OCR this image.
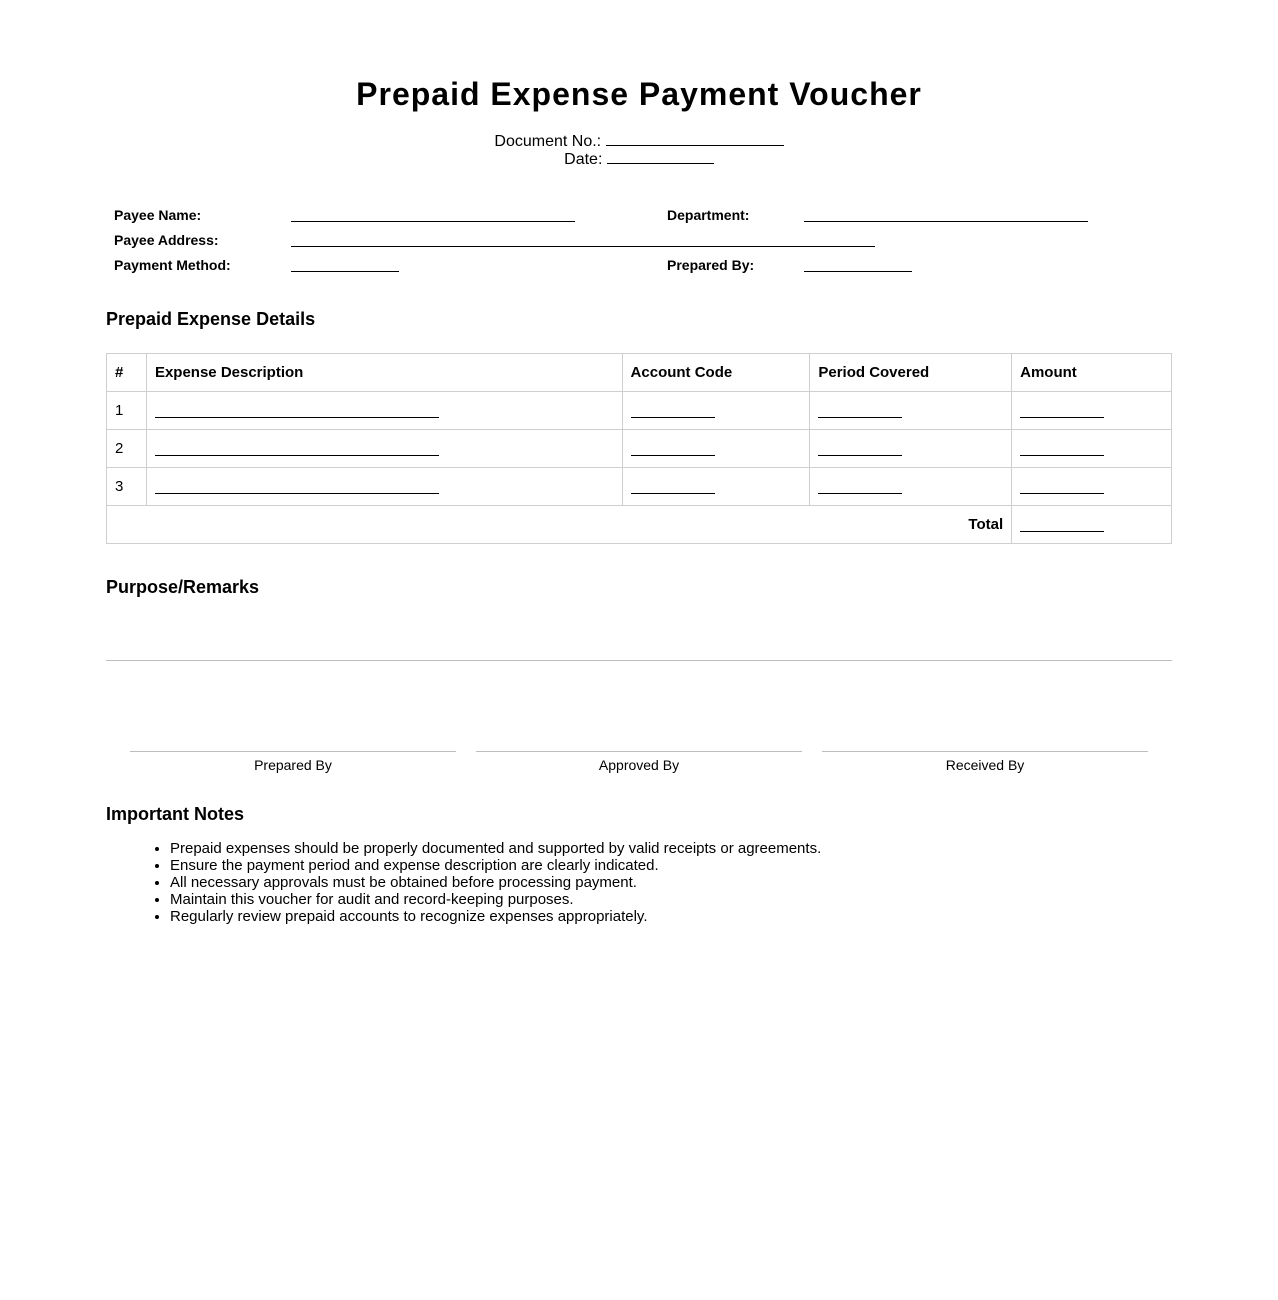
Prepaid Expense Payment Voucher
Document No.:
Date:
Payee Name:	Department:
Payee Address:
Payment Method:	Prepared By:
Prepaid Expense Details
#	Expense Description	Account Code	Period Covered	Amount
1	

2	

3	

Total				
Purpose/Remarks
Prepared By	Approved By	Received By
Important Notes
• Prepaid expenses should be properly documented and supported by valid receipts or agreements.
• Ensure the payment period and expense description are clearly indicated.
• All necessary approvals must be obtained before processing payment.
• Maintain this voucher for audit and record-keeping purposes.
• Regularly review prepaid accounts to recognize expenses appropriately.
